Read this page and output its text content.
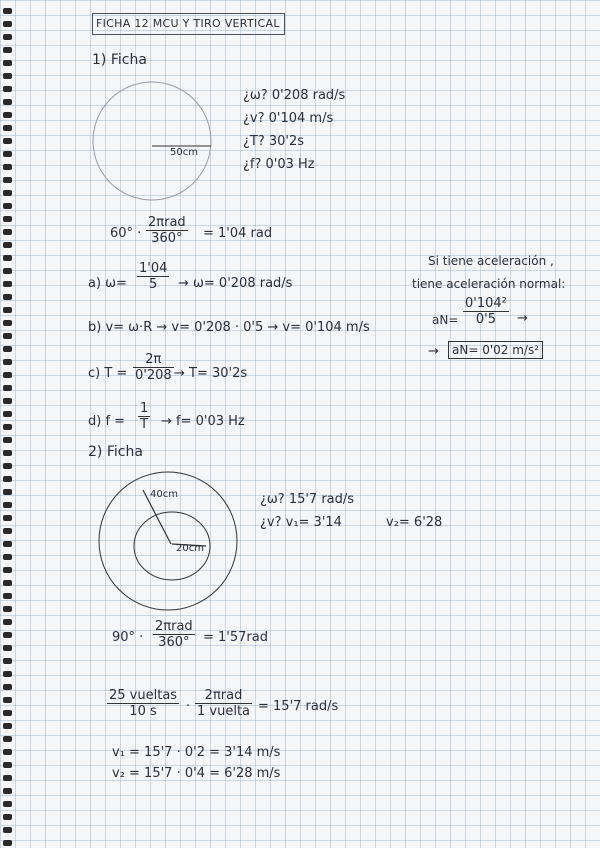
FICHA 12 MCU Y TIRO VERTICAL
1) Ficha
50cm
¿ω? 0'208 rad/s
¿v? 0'104 m/s
¿T? 30'2s
¿f? 0'03 Hz
60° ·
2πrad
360°	= 1'04 rad
a) $\omega= \frac{1'04}{5} \to \omega= 0'208$ rad/s
b) v= ω·R → v= 0'208 · 0'5 → v= 0'104 m/s
c) $T = \frac{2\pi}{0'208} \to T= 30'2s$
d) $f = \frac{1}{T} \to f= 0'03$ Hz
Si tiene aceleración ,
tiene aceleración normal:
$aN= \frac{\text{0'104²}}{0'5}$ →
→	aN= 0'02 m/s²
2) Ficha
40cm
20cm
¿ω? 15'7 rad/s
¿v? v₁= 3'14	v₂= 6'28
90° ·
2πrad
360°	= 1'57rad
25 vueltas
10 s	·
2πrad
1 vuelta = 15'7 rad/s
v₁ = 15'7 · 0'2 = 3'14 m/s
v₂ = 15'7 · 0'4 = 6'28 m/s
